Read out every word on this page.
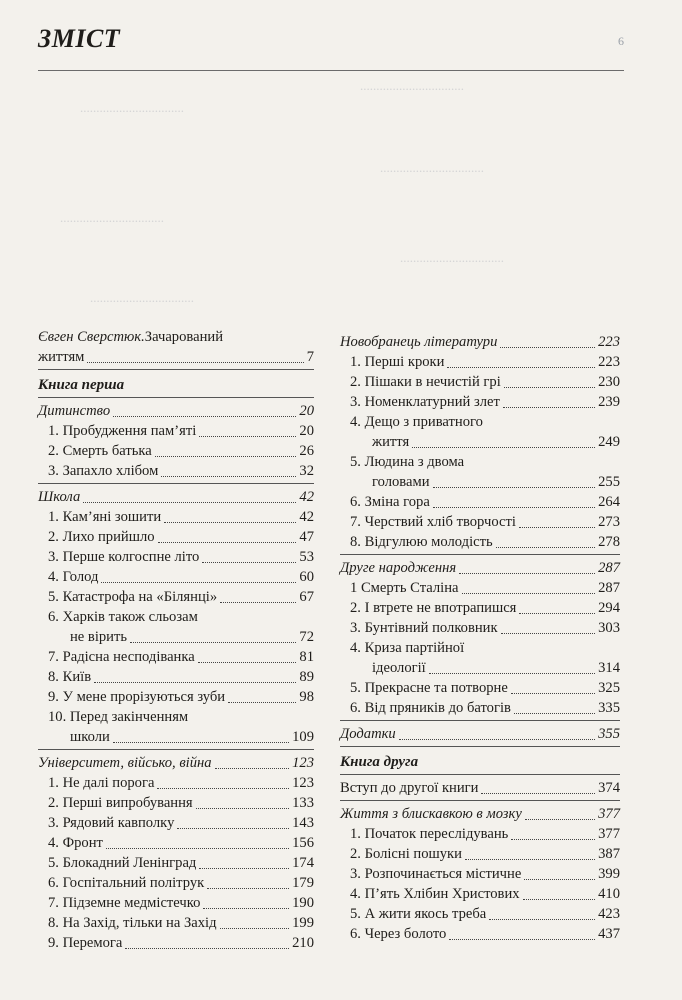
................................
................................
................................
................................
................................
................................
ЗМІСТ	6
Євген Сверстюк. Зачарований
життям	7
Книга перша
Дитинство	20
1. Пробудження пам’яті	20
2. Смерть батька	26
3. Запахло хлібом	32
Школа	42
1. Кам’яні зошити	42
2. Лихо прийшло	47
3. Перше колгоспне літо	53
4. Голод	60
5. Катастрофа на «Білянці»	67
6. Харків також сльозам
не вірить	72
7. Радісна несподіванка	81
8. Київ	89
9. У мене прорізуються зуби	98
10. Перед закінченням
школи	109
Університет, військо, війна	123
1. Не далі порога	123
2. Перші випробування	133
3. Рядовий кавполку	143
4. Фронт	156
5. Блокадний Ленінград	174
6. Госпітальний політрук	179
7. Підземне медмістечко	190
8. На Захід, тільки на Захід	199
9. Перемога	210
Новобранець літератури	223
1. Перші кроки	223
2. Пішаки в нечистій грі	230
3. Номенклатурний злет	239
4. Дещо з приватного
життя	249
5. Людина з двома
головами	255
6. Зміна гора	264
7. Черствий хліб творчості	273
8. Відгулюю молодість	278
Друге народження	287
1 Смерть Сталіна	287
2. І втрете не впотрапишся	294
3. Бунтівний полковник	303
4. Криза партійної
ідеології	314
5. Прекрасне та потворне	325
6. Від пряників до батогів	335
Додатки	355
Книга друга
Вступ до другої книги	374
Життя з блискавкою в мозку	377
1. Початок переслідувань	377
2. Болісні пошуки	387
3. Розпочинається містичне	399
4. П’ять Хлібин Христових	410
5. А жити якось треба	423
6. Через болото	437
